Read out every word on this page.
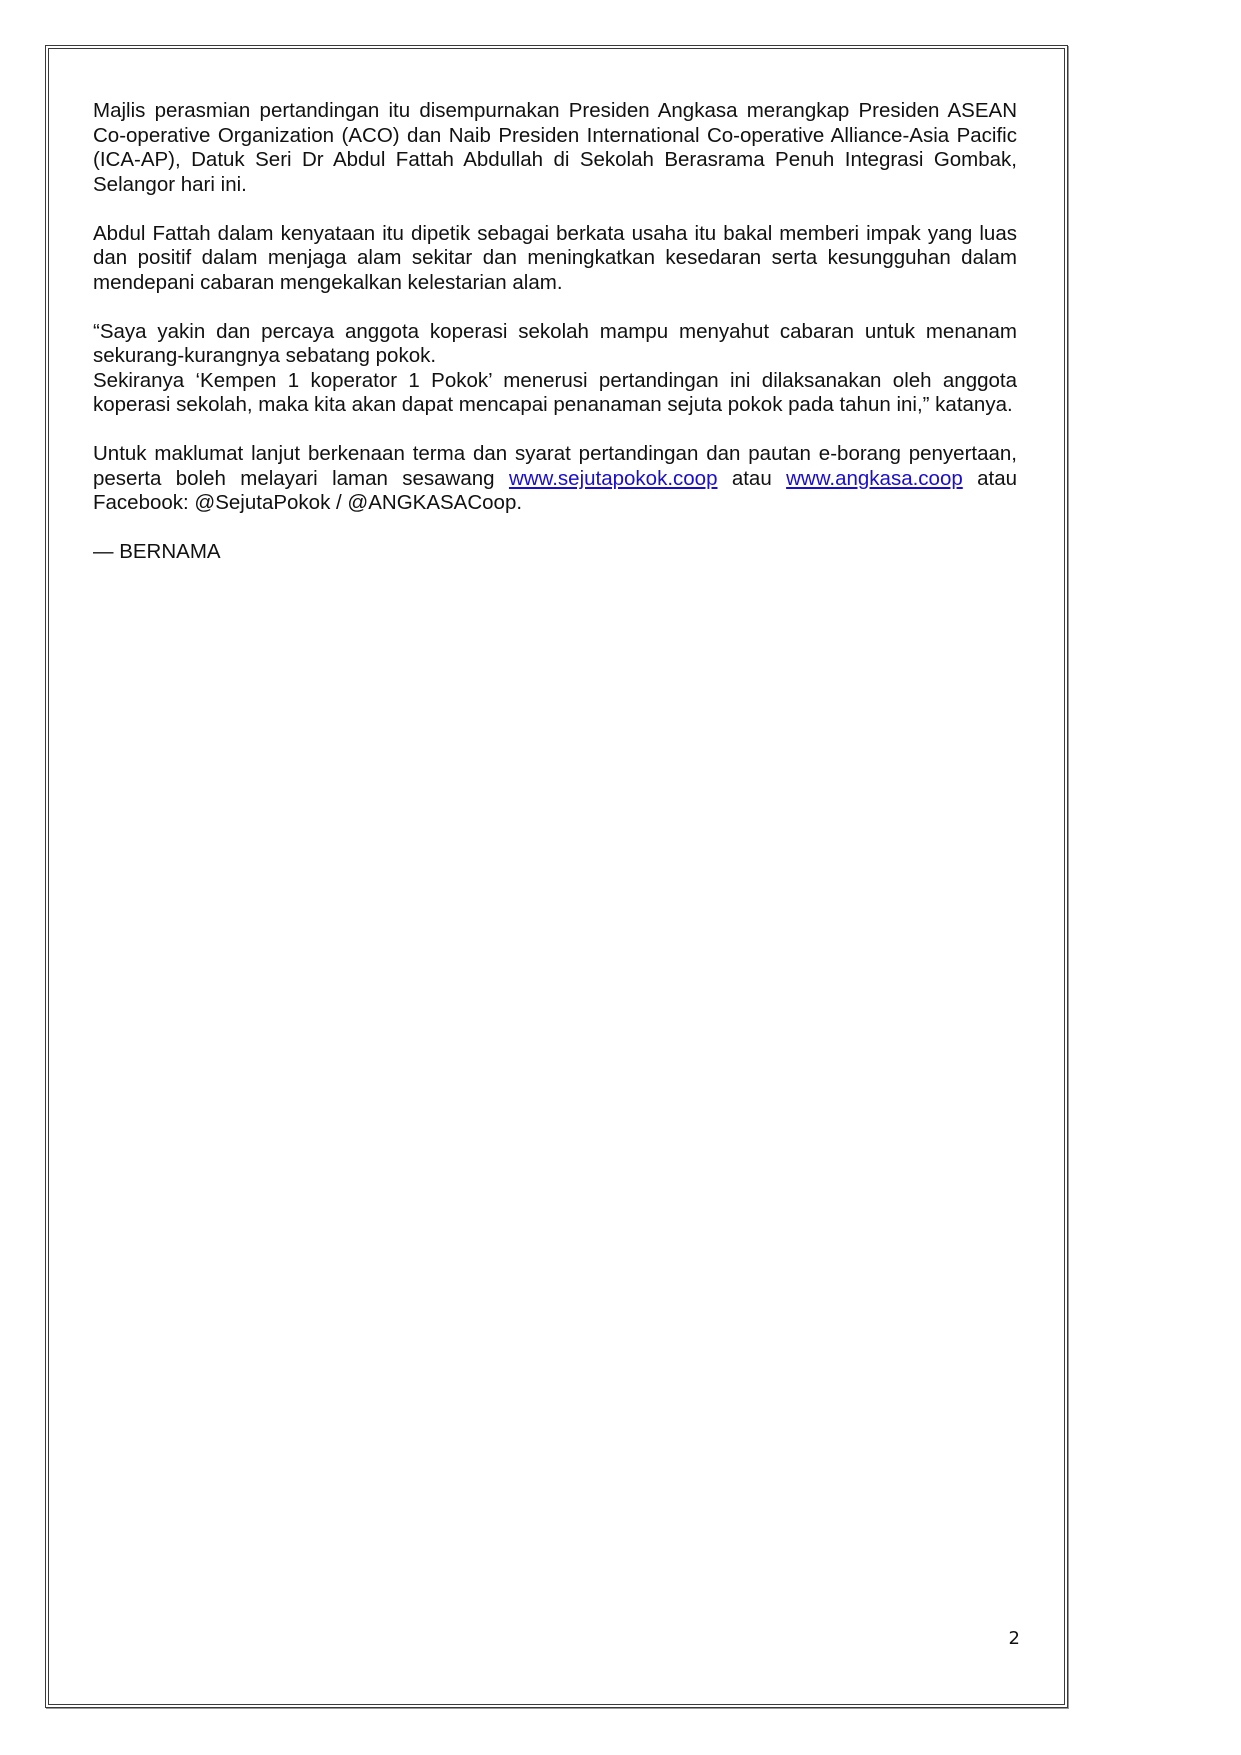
Majlis perasmian pertandingan itu disempurnakan Presiden Angkasa merangkap Presiden ASEAN Co-operative Organization (ACO) dan Naib Presiden International Co-operative Alliance-Asia Pacific (ICA-AP), Datuk Seri Dr Abdul Fattah Abdullah di Sekolah Berasrama Penuh Integrasi Gombak, Selangor hari ini.

Abdul Fattah dalam kenyataan itu dipetik sebagai berkata usaha itu bakal memberi impak yang luas dan positif dalam menjaga alam sekitar dan meningkatkan kesedaran serta kesungguhan dalam mendepani cabaran mengekalkan kelestarian alam.

“Saya yakin dan percaya anggota koperasi sekolah mampu menyahut cabaran untuk menanam sekurang-kurangnya sebatang pokok.
Sekiranya ‘Kempen 1 koperator 1 Pokok’ menerusi pertandingan ini dilaksanakan oleh anggota koperasi sekolah, maka kita akan dapat mencapai penanaman sejuta pokok pada tahun ini,” katanya.

Untuk maklumat lanjut berkenaan terma dan syarat pertandingan dan pautan e-borang penyertaan, peserta boleh melayari laman sesawang www.sejutapokok.coop atau www.angkasa.coop atau Facebook: @SejutaPokok / @ANGKASACoop.

— BERNAMA

2
